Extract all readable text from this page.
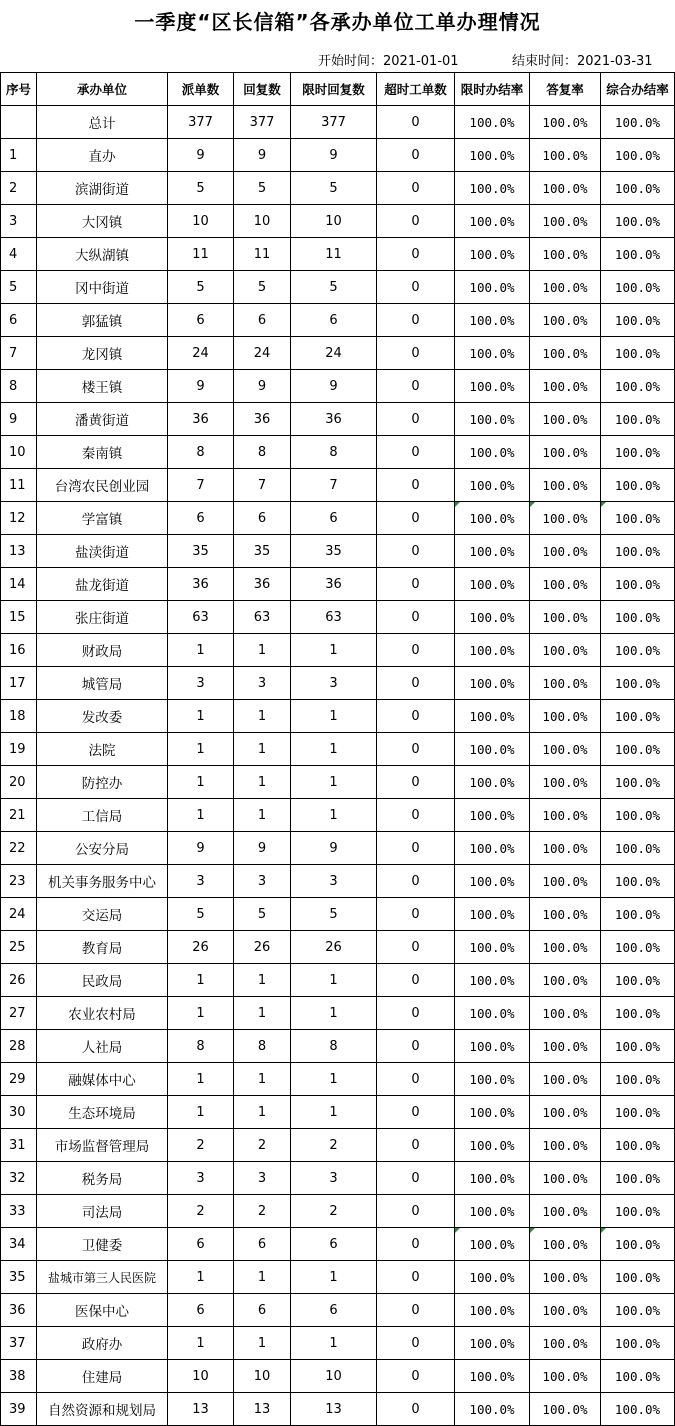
一季度“区长信箱”各承办单位工单办理情况
开始时间：2021-01-01	结束时间：2021-03-31
序号	承办单位	派单数	回复数	限时回复数	超时工单数	限时办结率	答复率	综合办结率
	总计	377	377	377	0	100.0%	100.0%	100.0%
1	直办	9	9	9	0	100.0%	100.0%	100.0%
2	滨湖街道	5	5	5	0	100.0%	100.0%	100.0%
3	大冈镇	10	10	10	0	100.0%	100.0%	100.0%
4	大纵湖镇	11	11	11	0	100.0%	100.0%	100.0%
5	冈中街道	5	5	5	0	100.0%	100.0%	100.0%
6	郭猛镇	6	6	6	0	100.0%	100.0%	100.0%
7	龙冈镇	24	24	24	0	100.0%	100.0%	100.0%
8	楼王镇	9	9	9	0	100.0%	100.0%	100.0%
9	潘黄街道	36	36	36	0	100.0%	100.0%	100.0%
10	秦南镇	8	8	8	0	100.0%	100.0%	100.0%
11	台湾农民创业园	7	7	7	0	100.0%	100.0%	100.0%
12	学富镇	6	6	6	0	100.0%	100.0%	100.0%
13	盐渎街道	35	35	35	0	100.0%	100.0%	100.0%
14	盐龙街道	36	36	36	0	100.0%	100.0%	100.0%
15	张庄街道	63	63	63	0	100.0%	100.0%	100.0%
16	财政局	1	1	1	0	100.0%	100.0%	100.0%
17	城管局	3	3	3	0	100.0%	100.0%	100.0%
18	发改委	1	1	1	0	100.0%	100.0%	100.0%
19	法院	1	1	1	0	100.0%	100.0%	100.0%
20	防控办	1	1	1	0	100.0%	100.0%	100.0%
21	工信局	1	1	1	0	100.0%	100.0%	100.0%
22	公安分局	9	9	9	0	100.0%	100.0%	100.0%
23	机关事务服务中心	3	3	3	0	100.0%	100.0%	100.0%
24	交运局	5	5	5	0	100.0%	100.0%	100.0%
25	教育局	26	26	26	0	100.0%	100.0%	100.0%
26	民政局	1	1	1	0	100.0%	100.0%	100.0%
27	农业农村局	1	1	1	0	100.0%	100.0%	100.0%
28	人社局	8	8	8	0	100.0%	100.0%	100.0%
29	融媒体中心	1	1	1	0	100.0%	100.0%	100.0%
30	生态环境局	1	1	1	0	100.0%	100.0%	100.0%
31	市场监督管理局	2	2	2	0	100.0%	100.0%	100.0%
32	税务局	3	3	3	0	100.0%	100.0%	100.0%
33	司法局	2	2	2	0	100.0%	100.0%	100.0%
34	卫健委	6	6	6	0	100.0%	100.0%	100.0%
35	盐城市第三人民医院	1	1	1	0	100.0%	100.0%	100.0%
36	医保中心	6	6	6	0	100.0%	100.0%	100.0%
37	政府办	1	1	1	0	100.0%	100.0%	100.0%
38	住建局	10	10	10	0	100.0%	100.0%	100.0%
39	自然资源和规划局	13	13	13	0	100.0%	100.0%	100.0%
